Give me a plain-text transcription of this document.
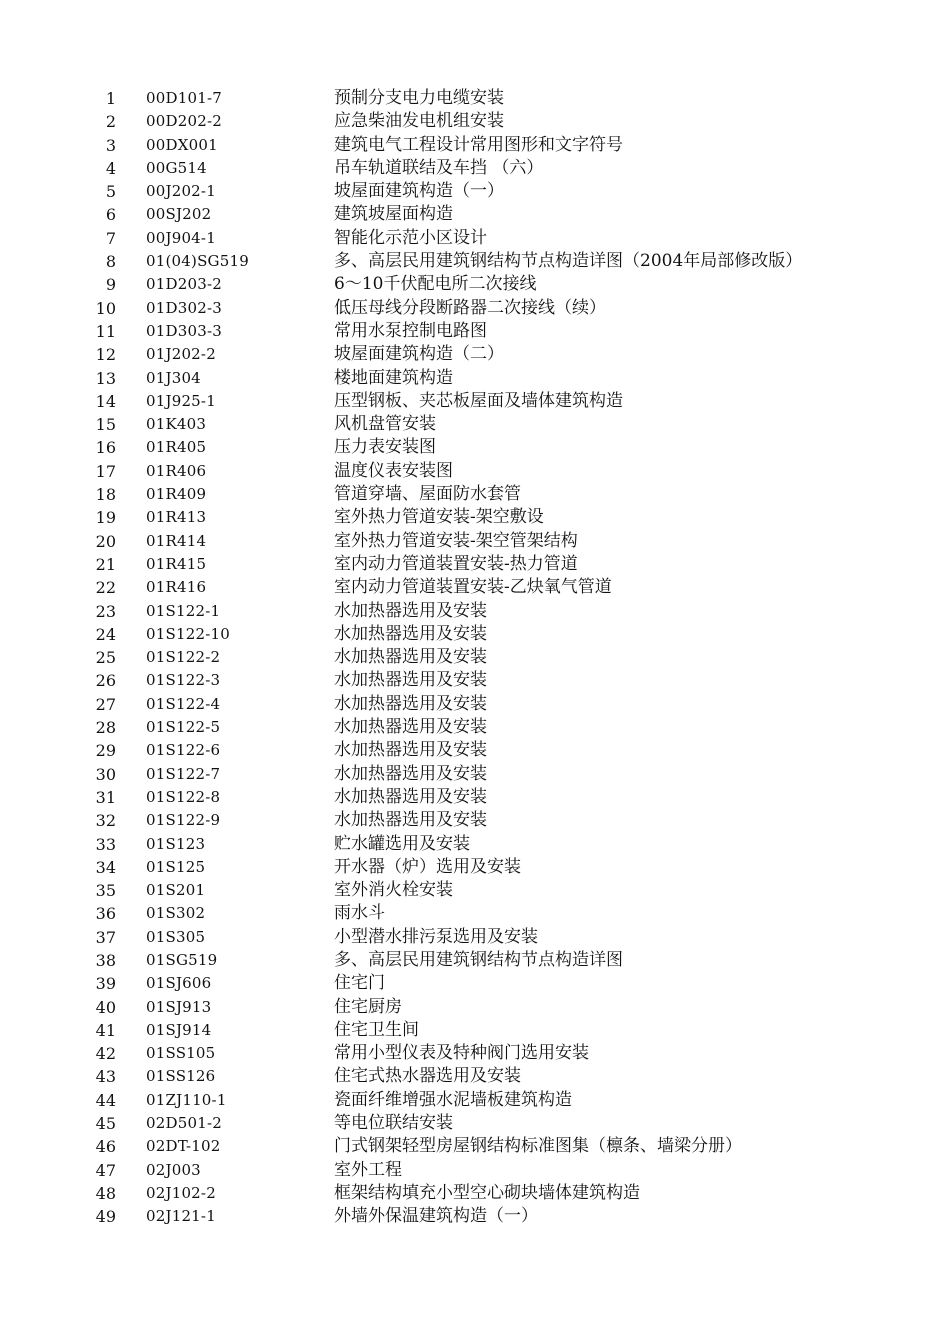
1 00D101-7	预制分支电力电缆安装
2 00D202-2	应急柴油发电机组安装
3 00DX001	建筑电气工程设计常用图形和文字符号
4 00G514	吊车轨道联结及车挡 （六）
5 00J202-1	坡屋面建筑构造（一）
6 00SJ202	建筑坡屋面构造
7 00J904-1	智能化示范小区设计
8 01(04)SG519	多、高层民用建筑钢结构节点构造详图（2004年局部修改版）
9 01D203-2	6～10千伏配电所二次接线
10 01D302-3	低压母线分段断路器二次接线（续）
11 01D303-3	常用水泵控制电路图
12 01J202-2	坡屋面建筑构造（二）
13 01J304	楼地面建筑构造
14 01J925-1	压型钢板、夹芯板屋面及墙体建筑构造
15 01K403	风机盘管安装
16 01R405	压力表安装图
17 01R406	温度仪表安装图
18 01R409	管道穿墙、屋面防水套管
19 01R413	室外热力管道安装-架空敷设
20 01R414	室外热力管道安装-架空管架结构
21 01R415	室内动力管道装置安装-热力管道
22 01R416	室内动力管道装置安装-乙炔氧气管道
23 01S122-1	水加热器选用及安装
24 01S122-10	水加热器选用及安装
25 01S122-2	水加热器选用及安装
26 01S122-3	水加热器选用及安装
27 01S122-4	水加热器选用及安装
28 01S122-5	水加热器选用及安装
29 01S122-6	水加热器选用及安装
30 01S122-7	水加热器选用及安装
31 01S122-8	水加热器选用及安装
32 01S122-9	水加热器选用及安装
33 01S123	贮水罐选用及安装
34 01S125	开水器（炉）选用及安装
35 01S201	室外消火栓安装
36 01S302	雨水斗
37 01S305	小型潜水排污泵选用及安装
38 01SG519	多、高层民用建筑钢结构节点构造详图
39 01SJ606	住宅门
40 01SJ913	住宅厨房
41 01SJ914	住宅卫生间
42 01SS105	常用小型仪表及特种阀门选用安装
43 01SS126	住宅式热水器选用及安装
44 01ZJ110-1	瓷面纤维增强水泥墙板建筑构造
45 02D501-2	等电位联结安装
46 02DT-102	门式钢架轻型房屋钢结构标准图集（檩条、墙梁分册）
47 02J003	室外工程
48 02J102-2	框架结构填充小型空心砌块墙体建筑构造
49 02J121-1	外墙外保温建筑构造（一）
